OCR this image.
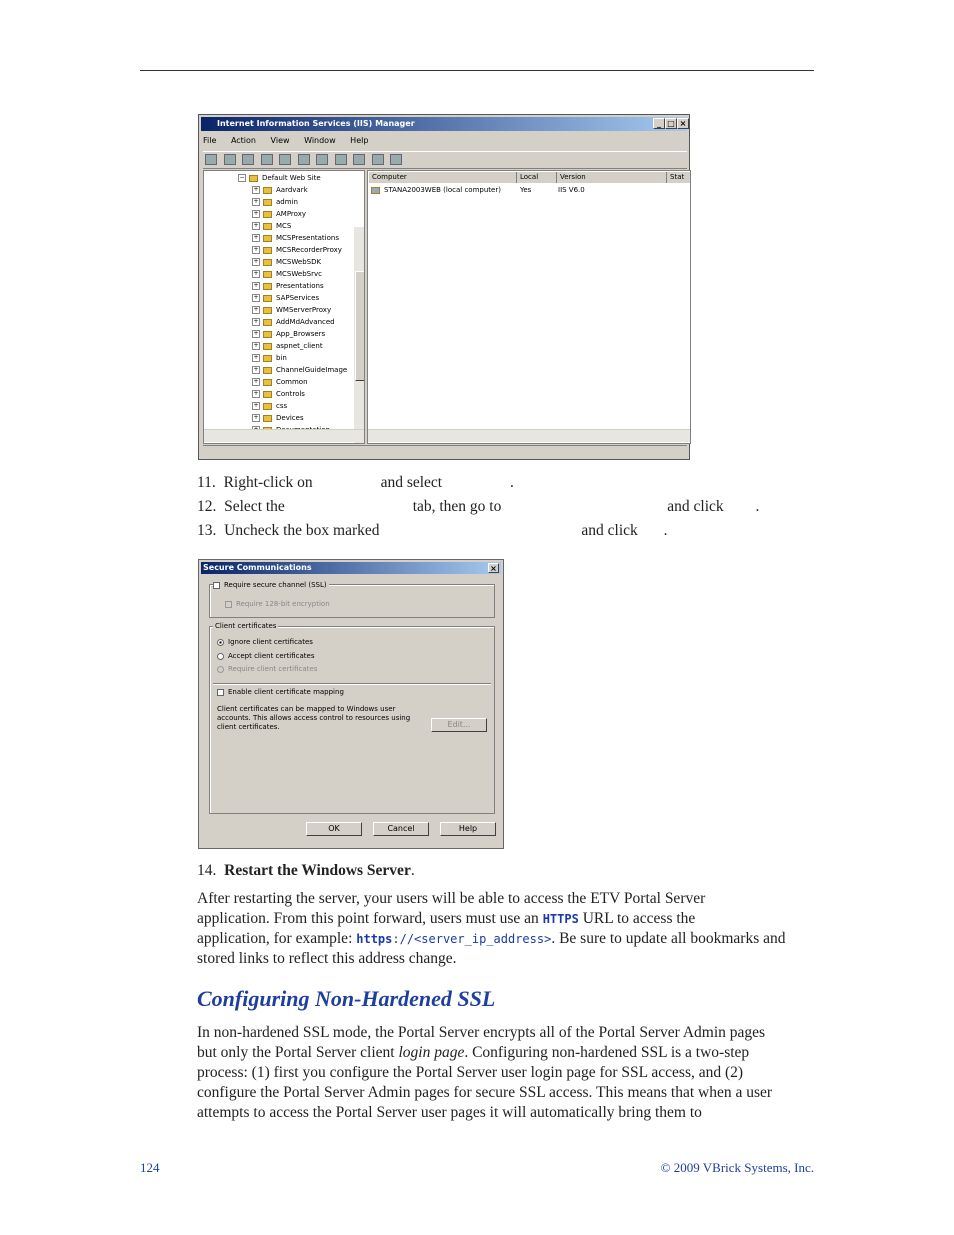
Internet Information Services (IIS) Manager	_ □ ×
File Action View Window Help

− Default Web Site
+ Aardvark
+ admin
+ AMProxy
+ MCS
+ MCSPresentations
+ MCSRecorderProxy
+ MCSWebSDK
+ MCSWebSrvc
+ Presentations
+ SAPServices
+ WMServerProxy
+ AddMdAdvanced
+ App_Browsers
+ aspnet_client
+ bin
+ ChannelGuideImage
+ Common
+ Controls
+ css
+ Devices
Computer	Local	Version	Stat
STANA2003WEB (local computer)	Yes	IIS V6.0
11. Right-click on	and select	.
12. Select the	tab, then go to	and click .
13. Uncheck the box marked	and click .
Secure Communications	×
Require secure channel (SSL)
Require 128-bit encryption
Client certificates
Ignore client certificates
Accept client certificates
Require client certificates
Enable client certificate mapping
Client certificates can be mapped to Windows user accounts. This allows access control to resources using client certificates.	Edit...
OK	Cancel	Help
14. Restart the Windows Server.
After restarting the server, your users will be able to access the ETV Portal Server
application. From this point forward, users must use an HTTPS URL to access the
application, for example: https://<server_ip_address>. Be sure to update all bookmarks and
stored links to reflect this address change.
Configuring Non-Hardened SSL
In non-hardened SSL mode, the Portal Server encrypts all of the Portal Server Admin pages
but only the Portal Server client login page. Configuring non-hardened SSL is a two-step
process: (1) first you configure the Portal Server user login page for SSL access, and (2)
configure the Portal Server Admin pages for secure SSL access. This means that when a user
attempts to access the Portal Server user pages it will automatically bring them to
124	© 2009 VBrick Systems, Inc.
